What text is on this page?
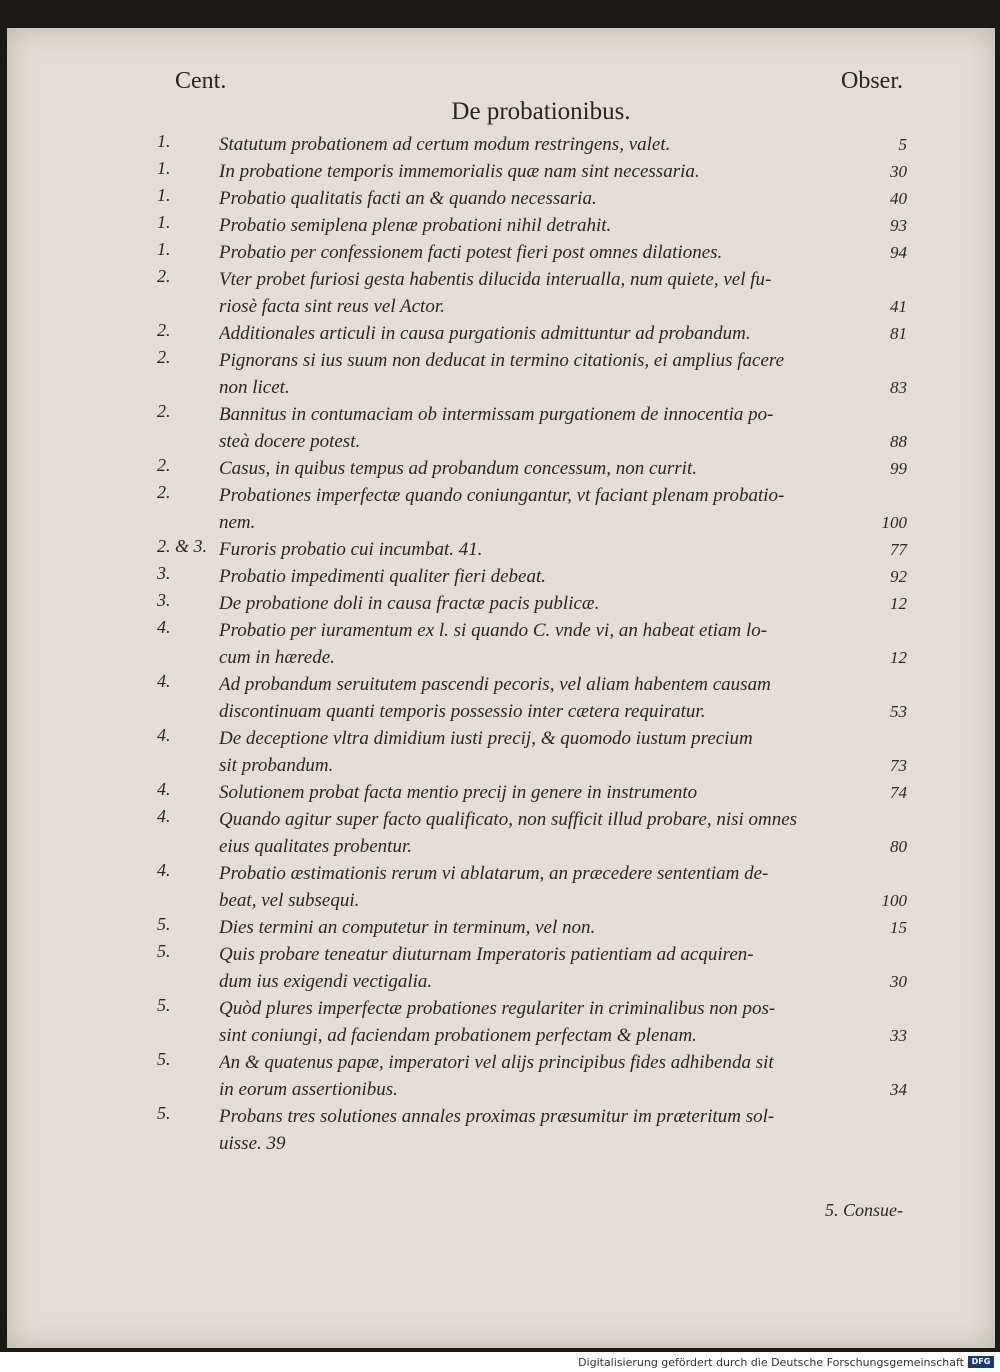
Cent.	Obser.
De probationibus.
1.	Statutum probationem ad certum modum restringens, valet.	5
1.	In probatione temporis immemorialis quæ nam sint necessaria.	30
1.	Probatio qualitatis facti an & quando necessaria.	40
1.	Probatio semiplena plenæ probationi nihil detrahit.	93
1.	Probatio per confessionem facti potest fieri post omnes dilationes.	94
2.	Vter probet furiosi gesta habentis dilucida interualla, num quiete, vel fu-
riosè facta sint reus vel Actor.	41
2.	Additionales articuli in causa purgationis admittuntur ad probandum.	81
2.	Pignorans si ius suum non deducat in termino citationis, ei amplius facere
non licet.	83
2.	Bannitus in contumaciam ob intermissam purgationem de innocentia po-
steà docere potest.	88
2.	Casus, in quibus tempus ad probandum concessum, non currit.	99
2.	Probationes imperfectæ quando coniungantur, vt faciant plenam probatio-
nem.	100
2. & 3. Furoris probatio cui incumbat. 41.	77
3.	Probatio impedimenti qualiter fieri debeat.	92
3.	De probatione doli in causa fractæ pacis publicæ.	12
4.	Probatio per iuramentum ex l. si quando C. vnde vi, an habeat etiam lo-
cum in hærede.	12
4.	Ad probandum seruitutem pascendi pecoris, vel aliam habentem causam
discontinuam quanti temporis possessio inter cætera requiratur.	53
4.	De deceptione vltra dimidium iusti precij, & quomodo iustum precium
sit probandum.	73
4.	Solutionem probat facta mentio precij in genere in instrumento	74
4.	Quando agitur super facto qualificato, non sufficit illud probare, nisi omnes
eius qualitates probentur.	80
4.	Probatio æstimationis rerum vi ablatarum, an præcedere sententiam de-
beat, vel subsequi.	100
5.	Dies termini an computetur in terminum, vel non.	15
5.	Quis probare teneatur diuturnam Imperatoris patientiam ad acquiren-
dum ius exigendi vectigalia.	30
5.	Quòd plures imperfectæ probationes regulariter in criminalibus non pos-
sint coniungi, ad faciendam probationem perfectam & plenam.	33
5.	An & quatenus papæ, imperatori vel alijs principibus fides adhibenda sit
in eorum assertionibus.	34
5.	Probans tres solutiones annales proximas præsumitur im præteritum sol-
uisse. 39
5. Consue-
Digitalisierung gefördert durch die Deutsche Forschungsgemeinschaft DFG
